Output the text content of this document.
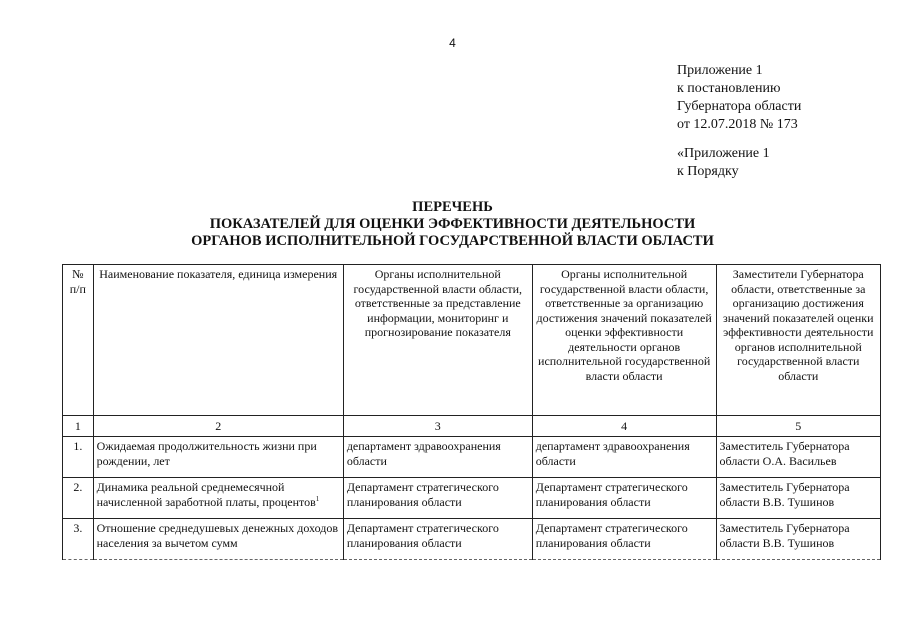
4
Приложение 1
к постановлению
Губернатора области
от 12.07.2018 № 173
«Приложение 1
к Порядку
ПЕРЕЧЕНЬ
ПОКАЗАТЕЛЕЙ ДЛЯ ОЦЕНКИ ЭФФЕКТИВНОСТИ ДЕЯТЕЛЬНОСТИ
ОРГАНОВ ИСПОЛНИТЕЛЬНОЙ ГОСУДАРСТВЕННОЙ ВЛАСТИ ОБЛАСТИ
№ п/п	Наименование показателя, единица измерения	Органы исполнительной государственной власти области, ответственные за представление информации, мониторинг и прогнозирование показателя	Органы исполнительной государственной власти области, ответственные за организацию достижения значений показателей оценки эффективности деятельности органов исполнительной государственной власти области	Заместители Губернатора области, ответственные за организацию достижения значений показателей оценки эффективности деятельности органов исполнительной государственной власти области
1	2	3	4	5
1.	Ожидаемая продолжительность жизни при рождении, лет	департамент здравоохранения области	департамент здравоохранения области	Заместитель Губернатора области О.А. Васильев
2.	Динамика реальной среднемесячной начисленной заработной платы, процентов$^1$	Департамент стратегического планирования области	Департамент стратегического планирования области	Заместитель Губернатора области В.В. Тушинов
3.	Отношение среднедушевых денежных доходов населения за вычетом сумм	Департамент стратегического планирования области	Департамент стратегического планирования области	Заместитель Губернатора области В.В. Тушинов
